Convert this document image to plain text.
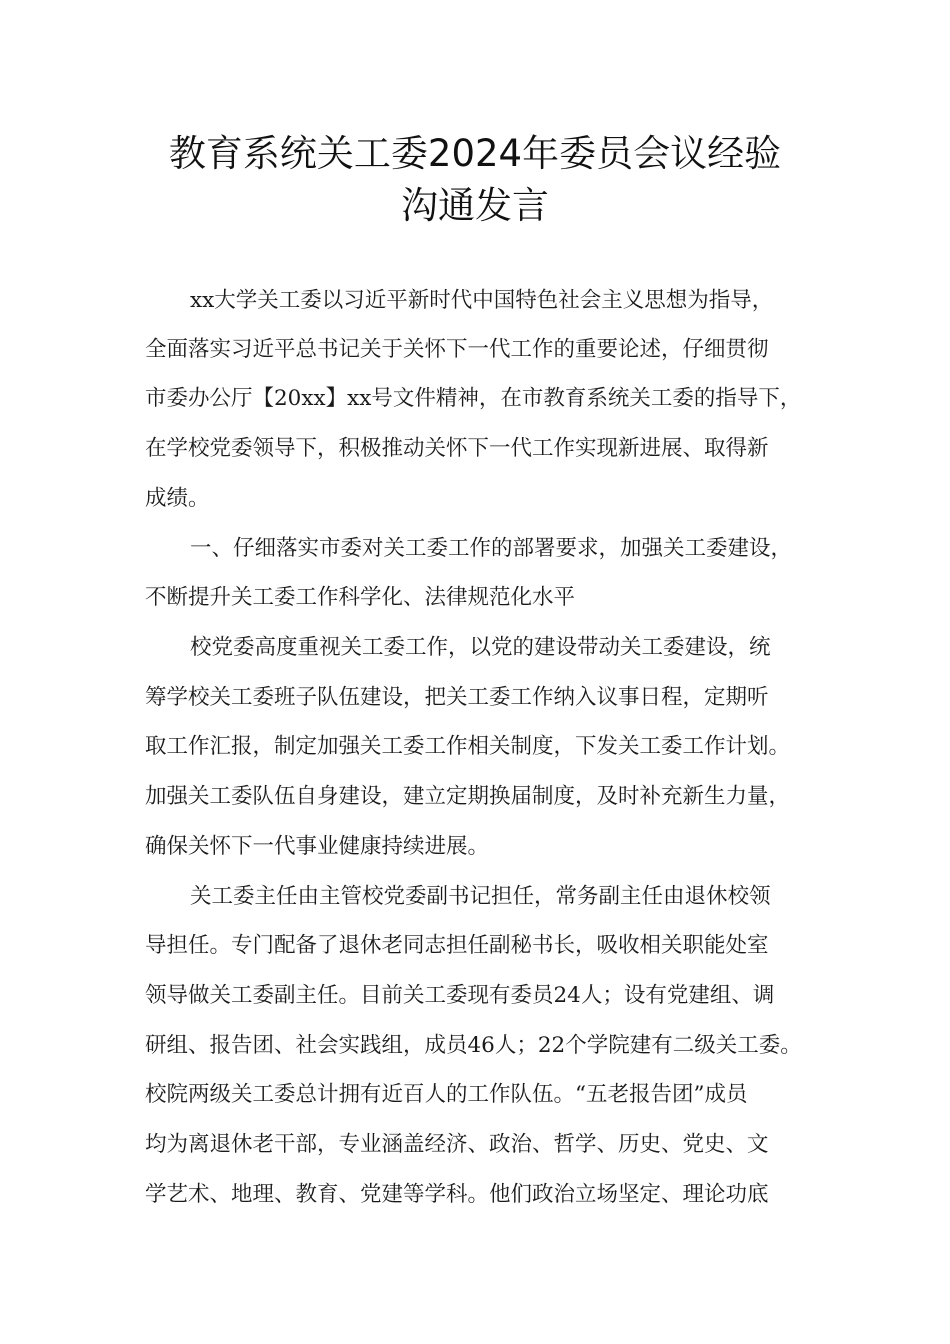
教育系统关工委2024年委员会议经验
沟通发言
xx大学关工委以习近平新时代中国特色社会主义思想为指导，
全面落实习近平总书记关于关怀下一代工作的重要论述，仔细贯彻
市委办公厅【20xx】xx号文件精神，在市教育系统关工委的指导下，
在学校党委领导下，积极推动关怀下一代工作实现新进展、取得新
成绩。
一、仔细落实市委对关工委工作的部署要求，加强关工委建设，
不断提升关工委工作科学化、法律规范化水平
校党委高度重视关工委工作，以党的建设带动关工委建设，统
筹学校关工委班子队伍建设，把关工委工作纳入议事日程，定期听
取工作汇报，制定加强关工委工作相关制度，下发关工委工作计划。
加强关工委队伍自身建设，建立定期换届制度，及时补充新生力量，
确保关怀下一代事业健康持续进展。
关工委主任由主管校党委副书记担任，常务副主任由退休校领
导担任。专门配备了退休老同志担任副秘书长，吸收相关职能处室
领导做关工委副主任。目前关工委现有委员24人；设有党建组、调
研组、报告团、社会实践组，成员46人；22个学院建有二级关工委。
校院两级关工委总计拥有近百人的工作队伍。“五老报告团”成员
均为离退休老干部，专业涵盖经济、政治、哲学、历史、党史、文
学艺术、地理、教育、党建等学科。他们政治立场坚定、理论功底
